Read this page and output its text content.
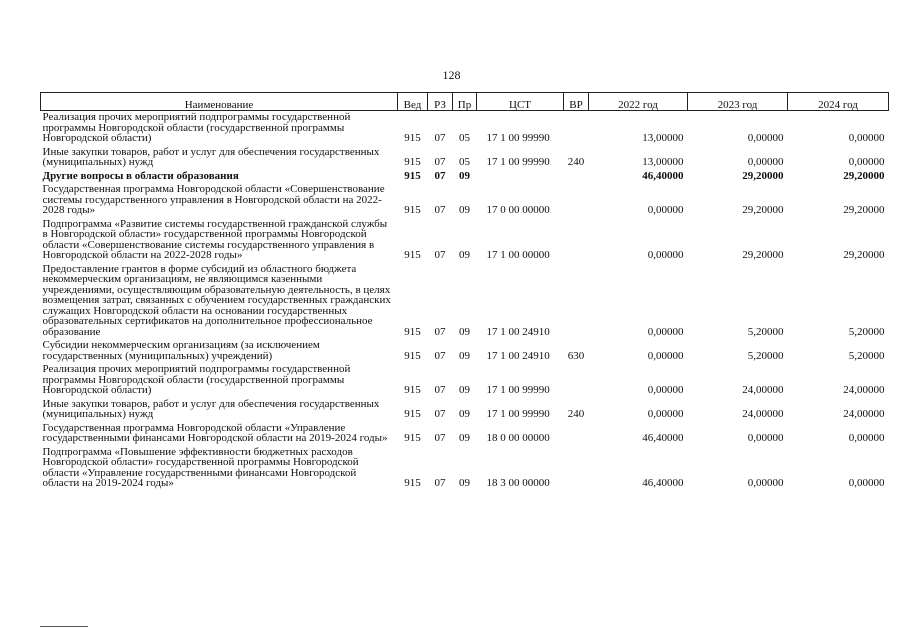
128
Наименование	Вед	РЗ	Пр	ЦСТ	ВР	2022 год	2023 год	2024 год
Реализация прочих мероприятий подпрограммы государственной программы Новгородской области (государственной программы Новгородской области)	915	07	05	17 1 00 99990		13,00000	0,00000	0,00000
Иные закупки товаров, работ и услуг для обеспечения государственных (муниципальных) нужд	915	07	05	17 1 00 99990	240	13,00000	0,00000	0,00000
Другие вопросы в области образования	915	07	09			46,40000	29,20000	29,20000
Государственная программа Новгородской области «Совершенствование системы государственного управления в Новгородской области на 2022-2028 годы»	915	07	09	17 0 00 00000		0,00000	29,20000	29,20000
Подпрограмма «Развитие системы государственной гражданской службы в Новгородской области» государственной программы Новгородской области «Совершенствование системы государственного управления в Новгородской области на 2022-2028 годы»	915	07	09	17 1 00 00000		0,00000	29,20000	29,20000
Предоставление грантов в форме субсидий из областного бюджета некоммерческим организациям, не являющимся казенными учреждениями, осуществляющим образовательную деятельность, в целях возмещения затрат, связанных с обучением государственных гражданских служащих Новгородской области на основании государственных образовательных сертификатов на дополнительное профессиональное образование	915	07	09	17 1 00 24910		0,00000	5,20000	5,20000
Субсидии некоммерческим организациям (за исключением государственных (муниципальных) учреждений)	915	07	09	17 1 00 24910	630	0,00000	5,20000	5,20000
Реализация прочих мероприятий подпрограммы государственной программы Новгородской области (государственной программы Новгородской области)	915	07	09	17 1 00 99990		0,00000	24,00000	24,00000
Иные закупки товаров, работ и услуг для обеспечения государственных (муниципальных) нужд	915	07	09	17 1 00 99990	240	0,00000	24,00000	24,00000
Государственная программа Новгородской области «Управление государственными финансами Новгородской области на 2019-2024 годы»	915	07	09	18 0 00 00000		46,40000	0,00000	0,00000
Подпрограмма «Повышение эффективности бюджетных расходов Новгородской области» государственной программы Новгородской области «Управление государственными финансами Новгородской области на 2019-2024 годы»	915	07	09	18 3 00 00000		46,40000	0,00000	0,00000
